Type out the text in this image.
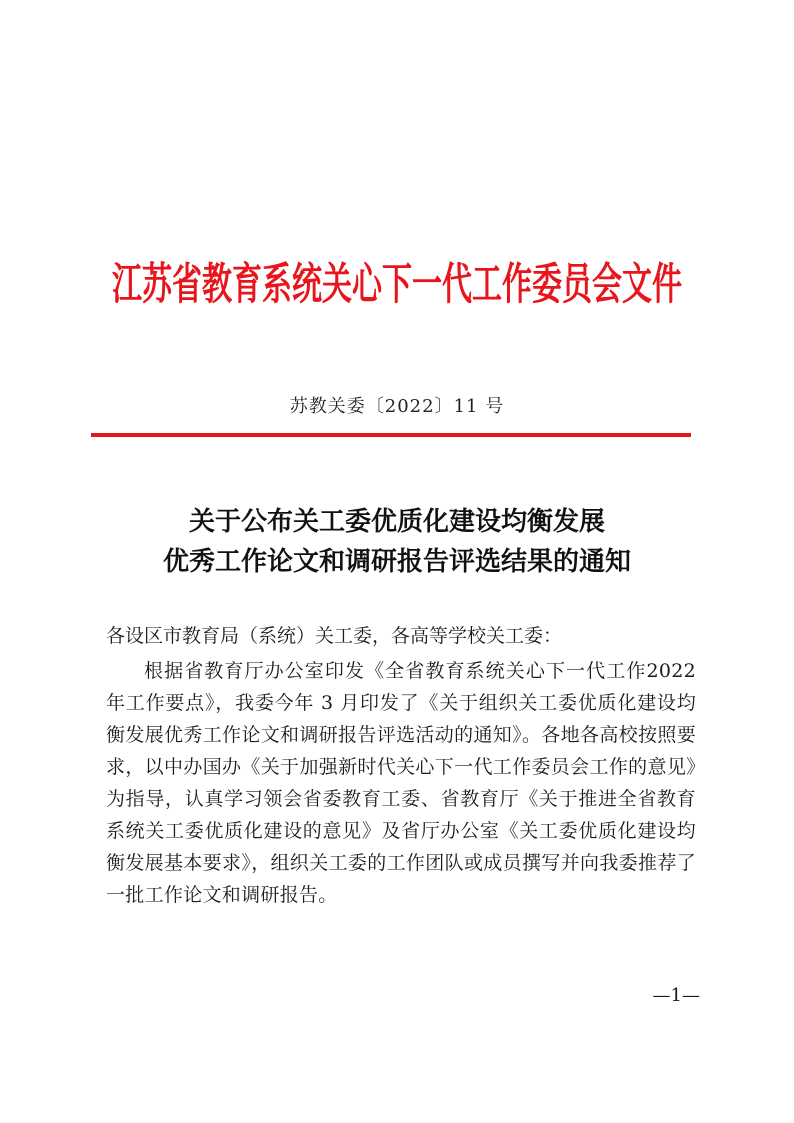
江苏省教育系统关心下一代工作委员会文件
苏教关委〔2022〕11 号
关于公布关工委优质化建设均衡发展
优秀工作论文和调研报告评选结果的通知
各设区市教育局（系统）关工委，各高等学校关工委：
根据省教育厅办公室印发《全省教育系统关心下一代工作2022 年工作要点》，我委今年 3 月印发了《关于组织关工委优质化建设均衡发展优秀工作论文和调研报告评选活动的通知》。各地各高校按照要求，以中办国办《关于加强新时代关心下一代工作委员会工作的意见》为指导，认真学习领会省委教育工委、省教育厅《关于推进全省教育系统关工委优质化建设的意见》及省厅办公室《关工委优质化建设均衡发展基本要求》，组织关工委的工作团队或成员撰写并向我委推荐了一批工作论文和调研报告。
—1—
